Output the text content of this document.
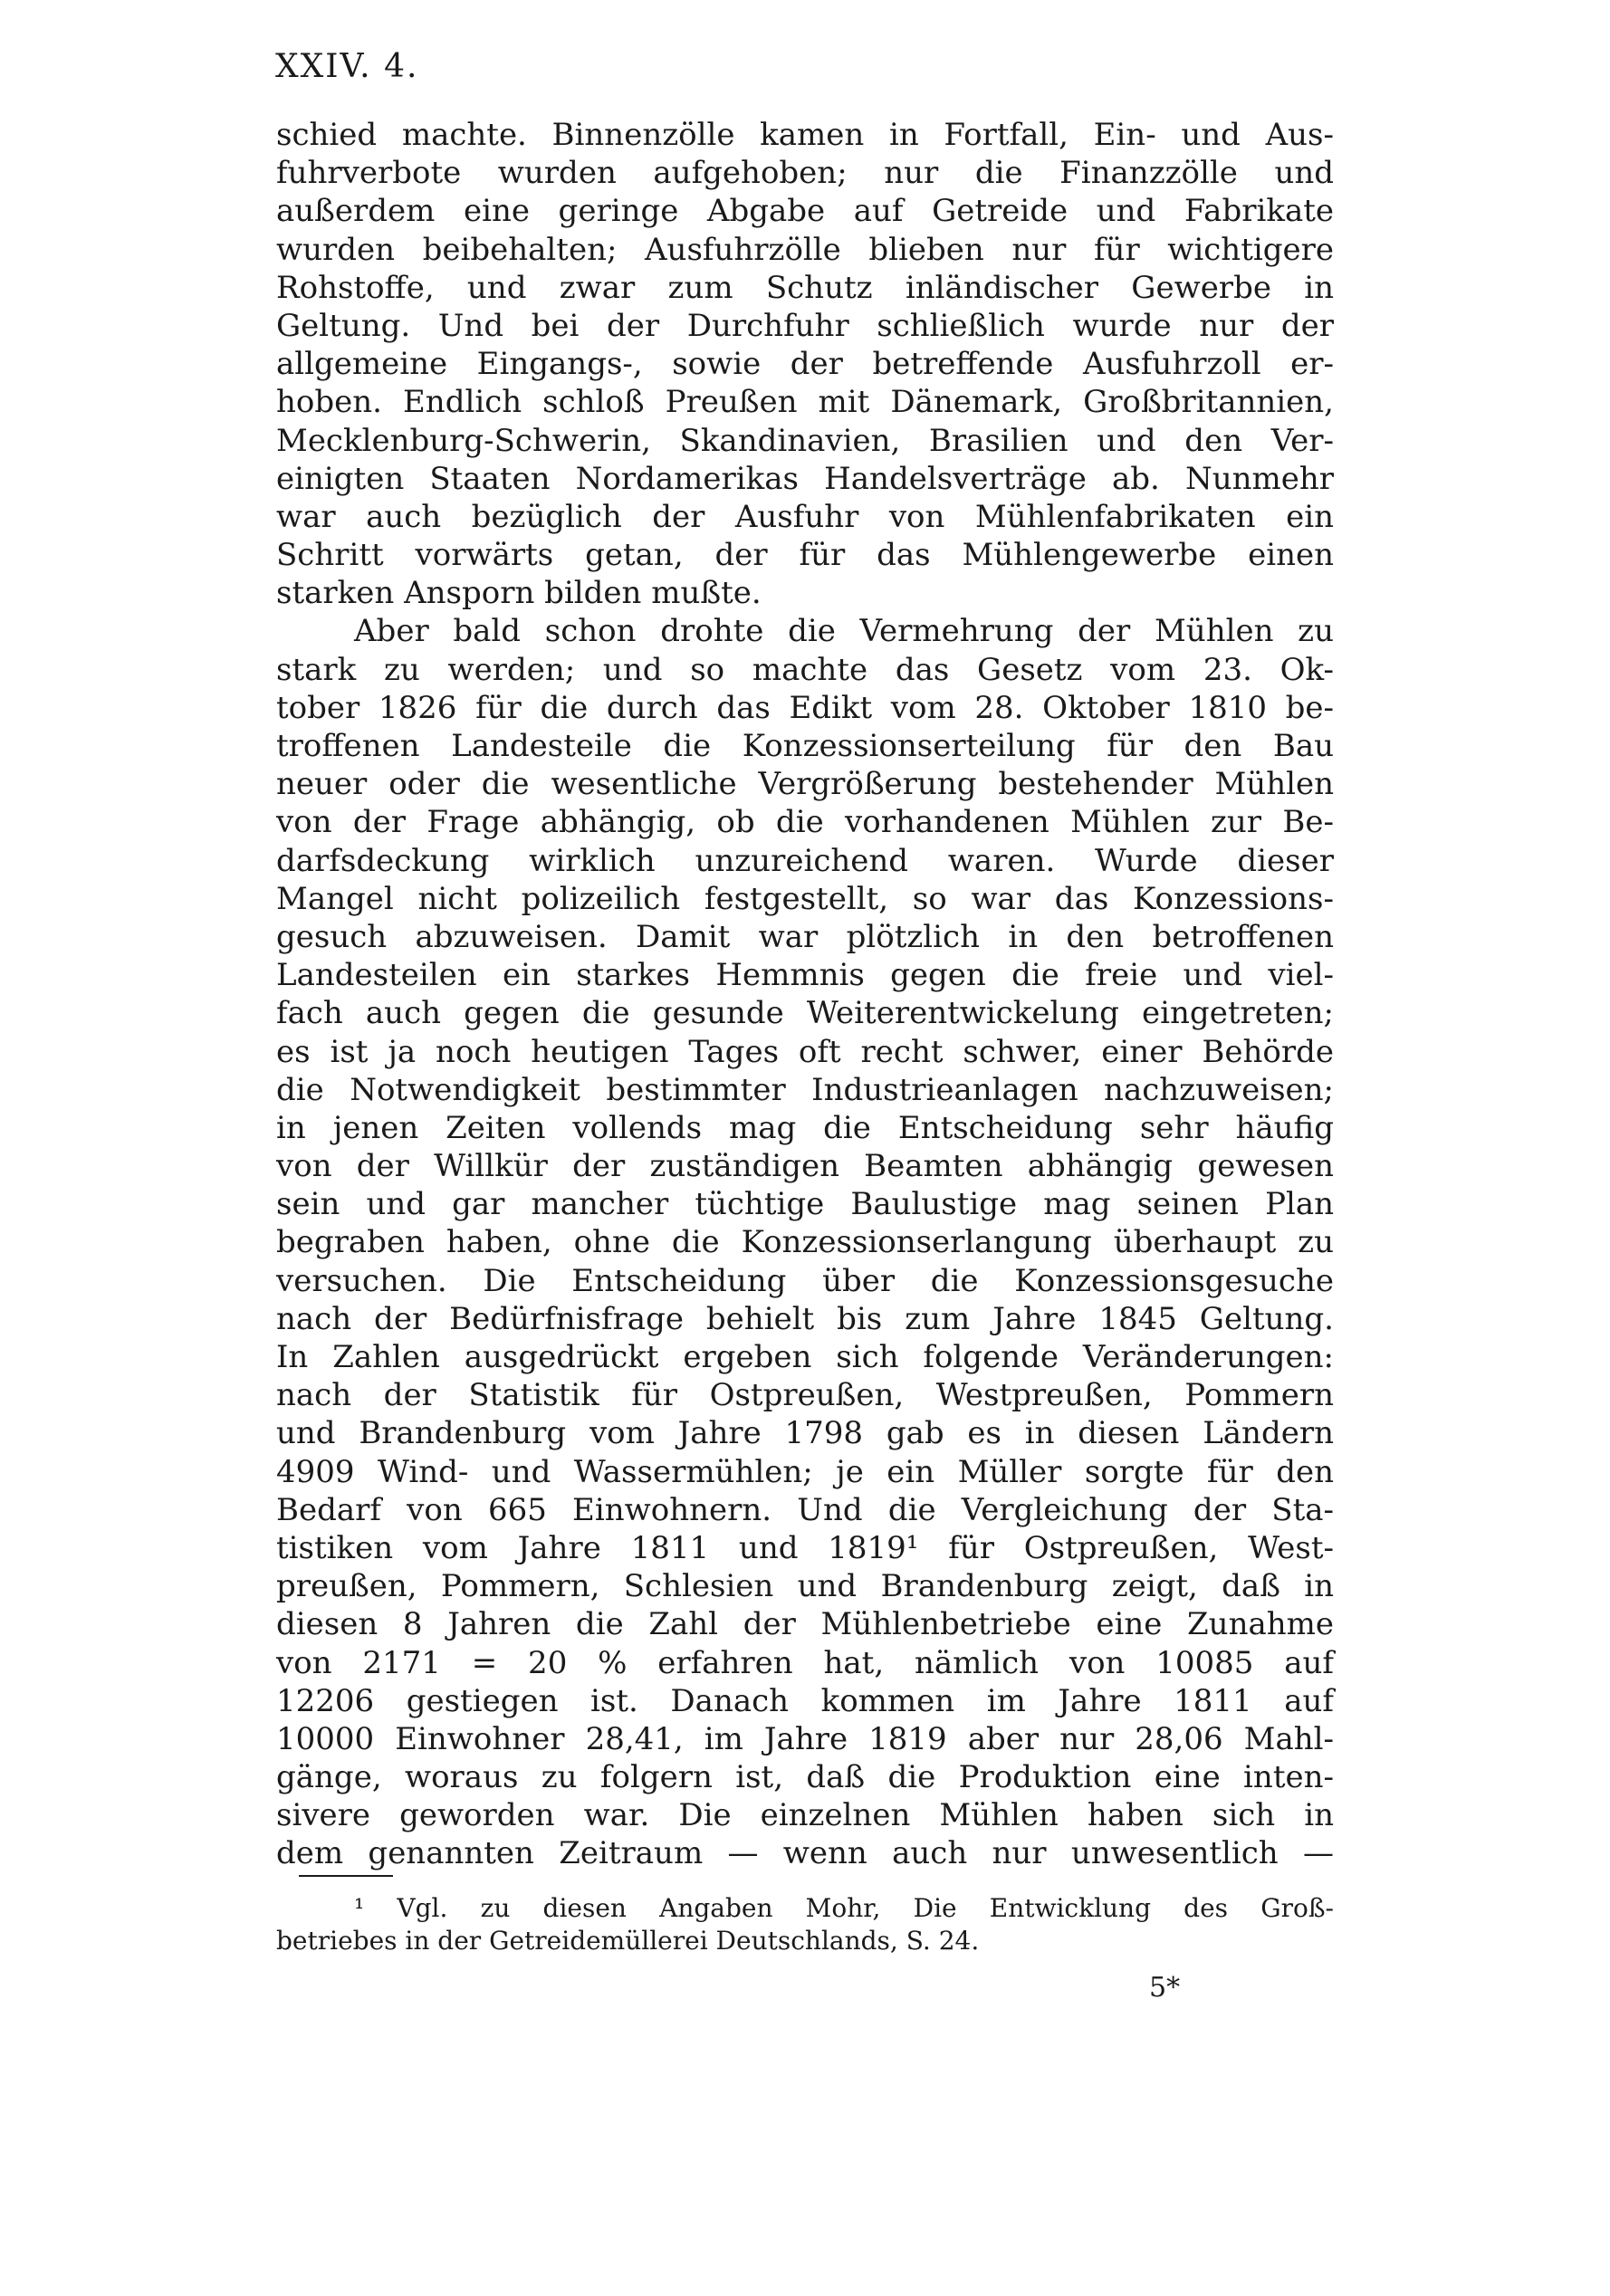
XXIV. 4.
schied machte. Binnenzölle kamen in Fortfall, Ein- und Aus-
fuhrverbote wurden aufgehoben; nur die Finanzzölle und
außerdem eine geringe Abgabe auf Getreide und Fabrikate
wurden beibehalten; Ausfuhrzölle blieben nur für wichtigere
Rohstoffe, und zwar zum Schutz inländischer Gewerbe in
Geltung. Und bei der Durchfuhr schließlich wurde nur der
allgemeine Eingangs-, sowie der betreffende Ausfuhrzoll er-
hoben. Endlich schloß Preußen mit Dänemark, Großbritannien,
Mecklenburg-Schwerin, Skandinavien, Brasilien und den Ver-
einigten Staaten Nordamerikas Handelsverträge ab. Nunmehr
war auch bezüglich der Ausfuhr von Mühlenfabrikaten ein
Schritt vorwärts getan, der für das Mühlengewerbe einen
starken Ansporn bilden mußte.
Aber bald schon drohte die Vermehrung der Mühlen zu
stark zu werden; und so machte das Gesetz vom 23. Ok-
tober 1826 für die durch das Edikt vom 28. Oktober 1810 be-
troffenen Landesteile die Konzessionserteilung für den Bau
neuer oder die wesentliche Vergrößerung bestehender Mühlen
von der Frage abhängig, ob die vorhandenen Mühlen zur Be-
darfsdeckung wirklich unzureichend waren. Wurde dieser
Mangel nicht polizeilich festgestellt, so war das Konzessions-
gesuch abzuweisen. Damit war plötzlich in den betroffenen
Landesteilen ein starkes Hemmnis gegen die freie und viel-
fach auch gegen die gesunde Weiterentwickelung eingetreten;
es ist ja noch heutigen Tages oft recht schwer, einer Behörde
die Notwendigkeit bestimmter Industrieanlagen nachzuweisen;
in jenen Zeiten vollends mag die Entscheidung sehr häufig
von der Willkür der zuständigen Beamten abhängig gewesen
sein und gar mancher tüchtige Baulustige mag seinen Plan
begraben haben, ohne die Konzessionserlangung überhaupt zu
versuchen. Die Entscheidung über die Konzessionsgesuche
nach der Bedürfnisfrage behielt bis zum Jahre 1845 Geltung.
In Zahlen ausgedrückt ergeben sich folgende Veränderungen:
nach der Statistik für Ostpreußen, Westpreußen, Pommern
und Brandenburg vom Jahre 1798 gab es in diesen Ländern
4909 Wind- und Wassermühlen; je ein Müller sorgte für den
Bedarf von 665 Einwohnern. Und die Vergleichung der Sta-
tistiken vom Jahre 1811 und 1819¹ für Ostpreußen, West-
preußen, Pommern, Schlesien und Brandenburg zeigt, daß in
diesen 8 Jahren die Zahl der Mühlenbetriebe eine Zunahme
von 2171 = 20 % erfahren hat, nämlich von 10085 auf
12206 gestiegen ist. Danach kommen im Jahre 1811 auf
10000 Einwohner 28,41, im Jahre 1819 aber nur 28,06 Mahl-
gänge, woraus zu folgern ist, daß die Produktion eine inten-
sivere geworden war. Die einzelnen Mühlen haben sich in
dem genannten Zeitraum — wenn auch nur unwesentlich —
¹ Vgl. zu diesen Angaben Mohr, Die Entwicklung des Groß-
betriebes in der Getreidemüllerei Deutschlands, S. 24.
5*
